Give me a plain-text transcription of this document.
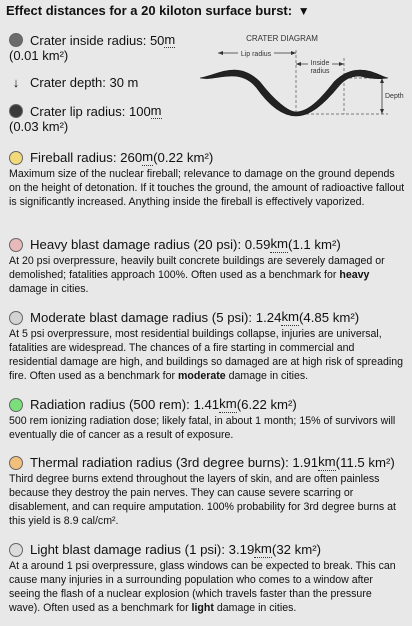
Effect distances for a 20 kiloton surface burst: ▼
Crater inside radius: 50 m
(0.01 km²)
↓ Crater depth: 30 m
Crater lip radius: 100 m
(0.03 km²)
CRATER DIAGRAM
Lip radius
Inside
radius
Depth
Fireball radius: 260 m (0.22 km²)

Maximum size of the nuclear fireball; relevance to damage on the ground depends on the height of detonation. If it touches the ground, the amount of radioactive fallout is significantly increased. Anything inside the fireball is effectively vaporized.

Heavy blast damage radius (20 psi): 0.59 km (1.1 km²)

At 20 psi overpressure, heavily built concrete buildings are severely damaged or demolished; fatalities approach 100%. Often used as a benchmark for heavy damage in cities.

Moderate blast damage radius (5 psi): 1.24 km (4.85 km²)

At 5 psi overpressure, most residential buildings collapse, injuries are universal, fatalities are widespread. The chances of a fire starting in commercial and residential damage are high, and buildings so damaged are at high risk of spreading fire. Often used as a benchmark for moderate damage in cities.

Radiation radius (500 rem): 1.41 km (6.22 km²)

500 rem ionizing radiation dose; likely fatal, in about 1 month; 15% of survivors will eventually die of cancer as a result of exposure.

Thermal radiation radius (3rd degree burns): 1.91 km (11.5 km²)

Third degree burns extend throughout the layers of skin, and are often painless because they destroy the pain nerves. They can cause severe scarring or disablement, and can require amputation. 100% probability for 3rd degree burns at this yield is 8.9 cal/cm².

Light blast damage radius (1 psi): 3.19 km (32 km²)

At a around 1 psi overpressure, glass windows can be expected to break. This can cause many injuries in a surrounding population who comes to a window after seeing the flash of a nuclear explosion (which travels faster than the pressure wave). Often used as a benchmark for light damage in cities.
